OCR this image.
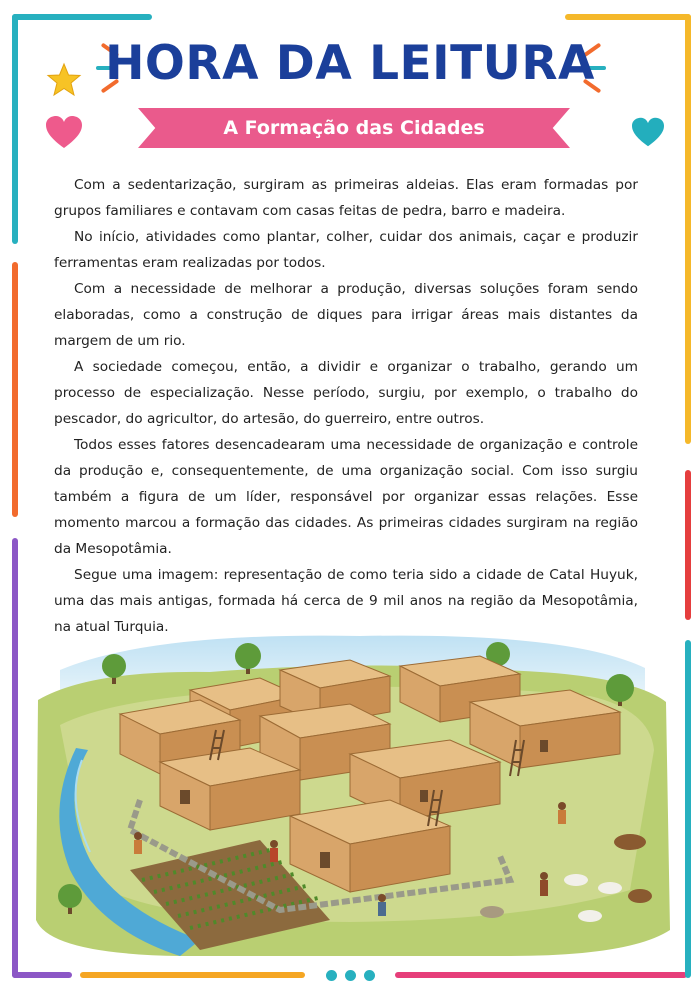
HORA DA LEITURA
A Formação das Cidades

Com a sedentarização, surgiram as primeiras aldeias. Elas eram formadas por grupos familiares e contavam com casas feitas de pedra, barro e madeira.

No início, atividades como plantar, colher, cuidar dos animais, caçar e produzir ferramentas eram realizadas por todos.

Com a necessidade de melhorar a produção, diversas soluções foram sendo elaboradas, como a construção de diques para irrigar áreas mais distantes da margem de um rio.

A sociedade começou, então, a dividir e organizar o trabalho, gerando um processo de especialização. Nesse período, surgiu, por exemplo, o trabalho do pescador, do agricultor, do artesão, do guerreiro, entre outros.

Todos esses fatores desencadearam uma necessidade de organização e controle da produção e, consequentemente, de uma organização social. Com isso surgiu também a figura de um líder, responsável por organizar essas relações. Esse momento marcou a formação das cidades. As primeiras cidades surgiram na região da Mesopotâmia.

Segue uma imagem: representação de como teria sido a cidade de Catal Huyuk, uma das mais antigas, formada há cerca de 9 mil anos na região da Mesopotâmia, na atual Turquia.
